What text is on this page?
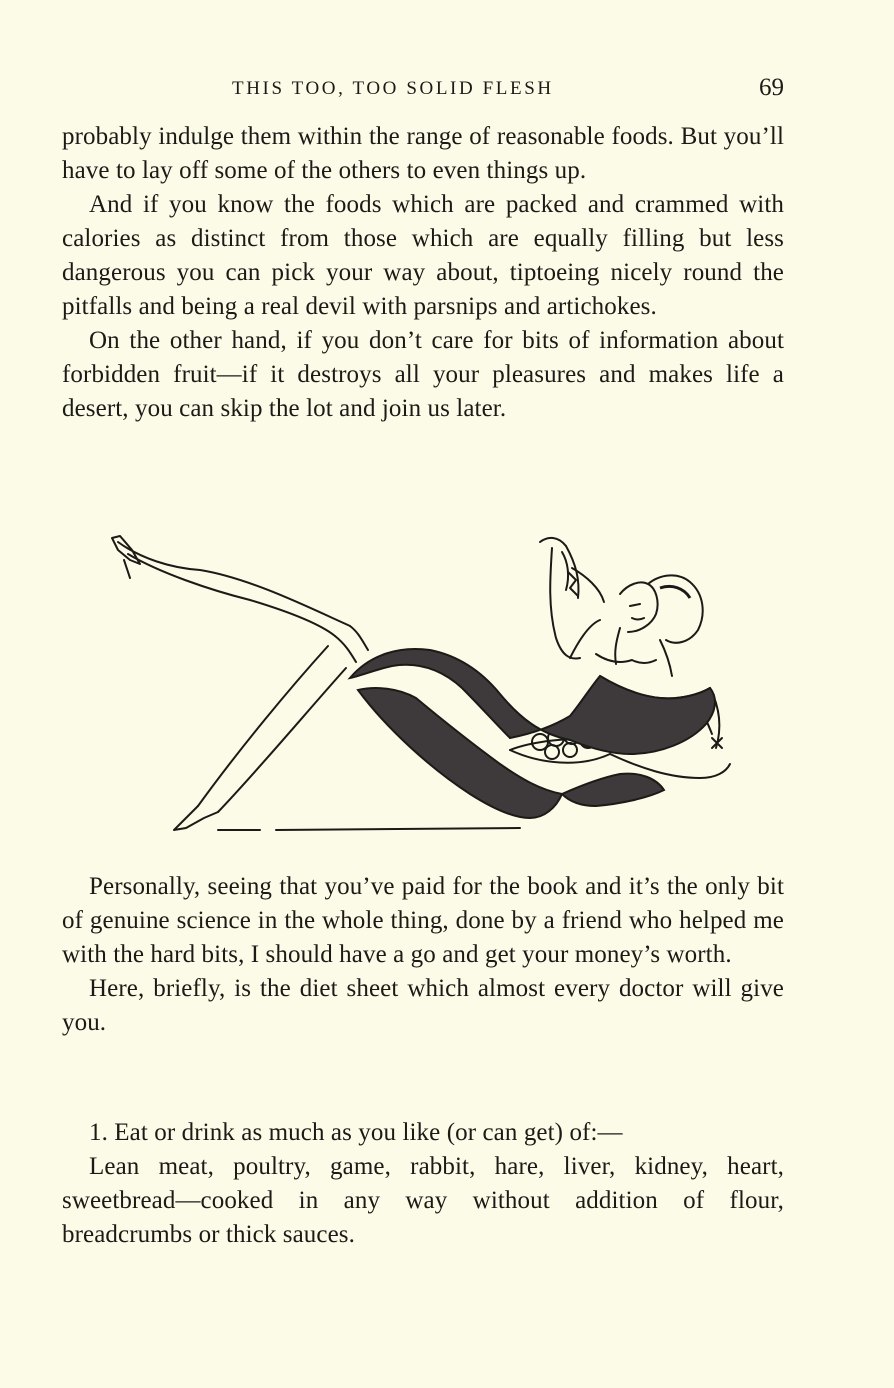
THIS TOO, TOO SOLID FLESH	69

probably indulge them within the range of reasonable foods. But you’ll have to lay off some of the others to even things up.

And if you know the foods which are packed and crammed with calories as distinct from those which are equally filling but less dangerous you can pick your way about, tiptoeing nicely round the pitfalls and being a real devil with parsnips and artichokes.

On the other hand, if you don’t care for bits of information about forbidden fruit—if it destroys all your pleasures and makes life a desert, you can skip the lot and join us later.

Personally, seeing that you’ve paid for the book and it’s the only bit of genuine science in the whole thing, done by a friend who helped me with the hard bits, I should have a go and get your money’s worth.

Here, briefly, is the diet sheet which almost every doctor will give you.

1. Eat or drink as much as you like (or can get) of:—

Lean meat, poultry, game, rabbit, hare, liver, kidney, heart, sweetbread—cooked in any way without addition of flour, breadcrumbs or thick sauces.
